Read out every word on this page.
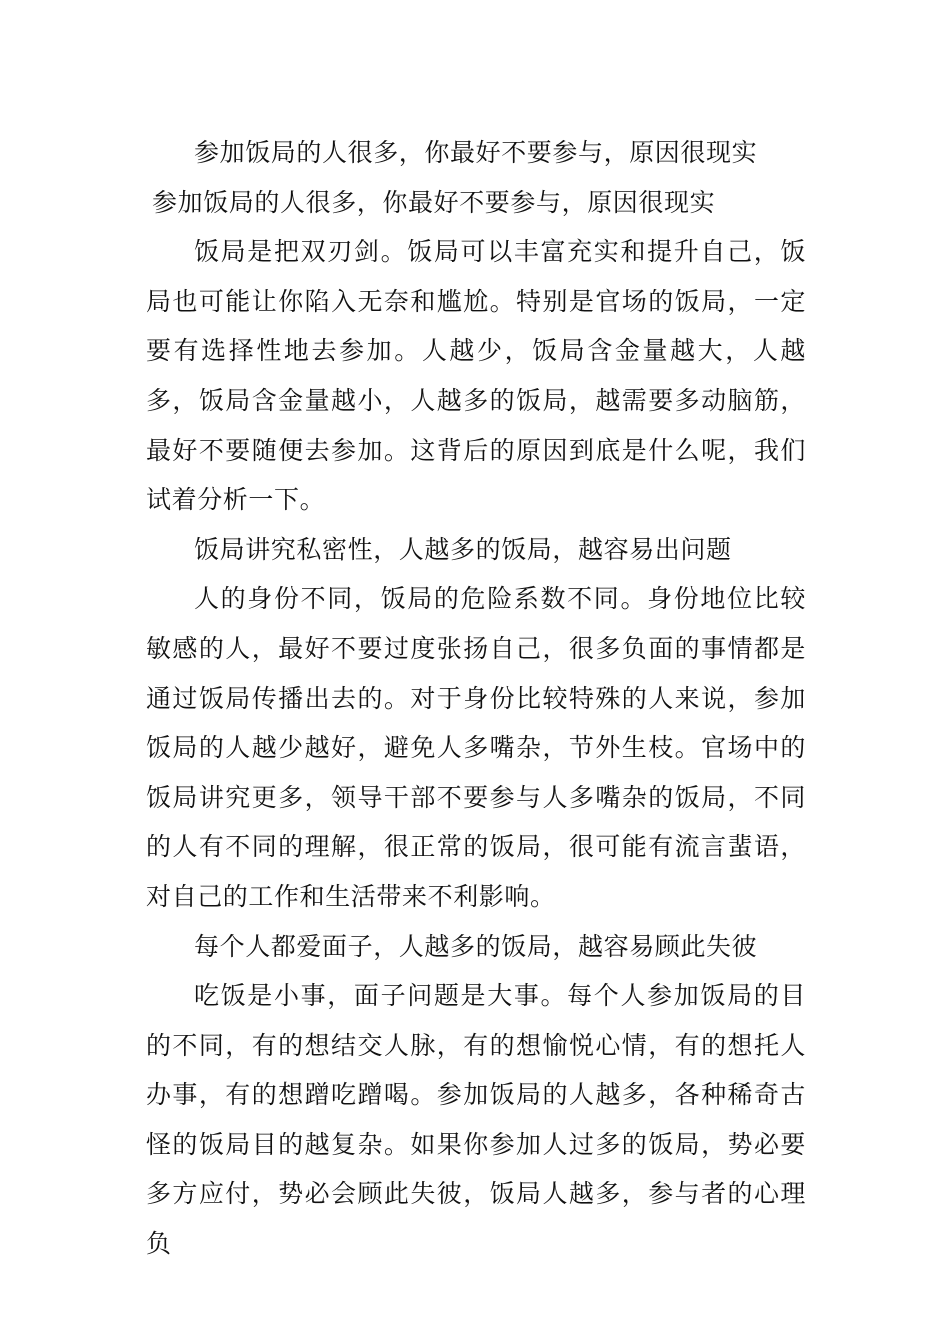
参加饭局的人很多，你最好不要参与，原因很现实

参加饭局的人很多，你最好不要参与，原因很现实

饭局是把双刃剑。饭局可以丰富充实和提升自己，饭局也可能让你陷入无奈和尴尬。特别是官场的饭局，一定要有选择性地去参加。人越少，饭局含金量越大，人越多，饭局含金量越小，人越多的饭局，越需要多动脑筋，最好不要随便去参加。这背后的原因到底是什么呢，我们试着分析一下。

饭局讲究私密性，人越多的饭局，越容易出问题

人的身份不同，饭局的危险系数不同。身份地位比较敏感的人，最好不要过度张扬自己，很多负面的事情都是通过饭局传播出去的。对于身份比较特殊的人来说，参加饭局的人越少越好，避免人多嘴杂，节外生枝。官场中的饭局讲究更多，领导干部不要参与人多嘴杂的饭局，不同的人有不同的理解，很正常的饭局，很可能有流言蜚语，对自己的工作和生活带来不利影响。

每个人都爱面子，人越多的饭局，越容易顾此失彼

吃饭是小事，面子问题是大事。每个人参加饭局的目的不同，有的想结交人脉，有的想愉悦心情，有的想托人办事，有的想蹭吃蹭喝。参加饭局的人越多，各种稀奇古怪的饭局目的越复杂。如果你参加人过多的饭局，势必要多方应付，势必会顾此失彼，饭局人越多，参与者的心理负
